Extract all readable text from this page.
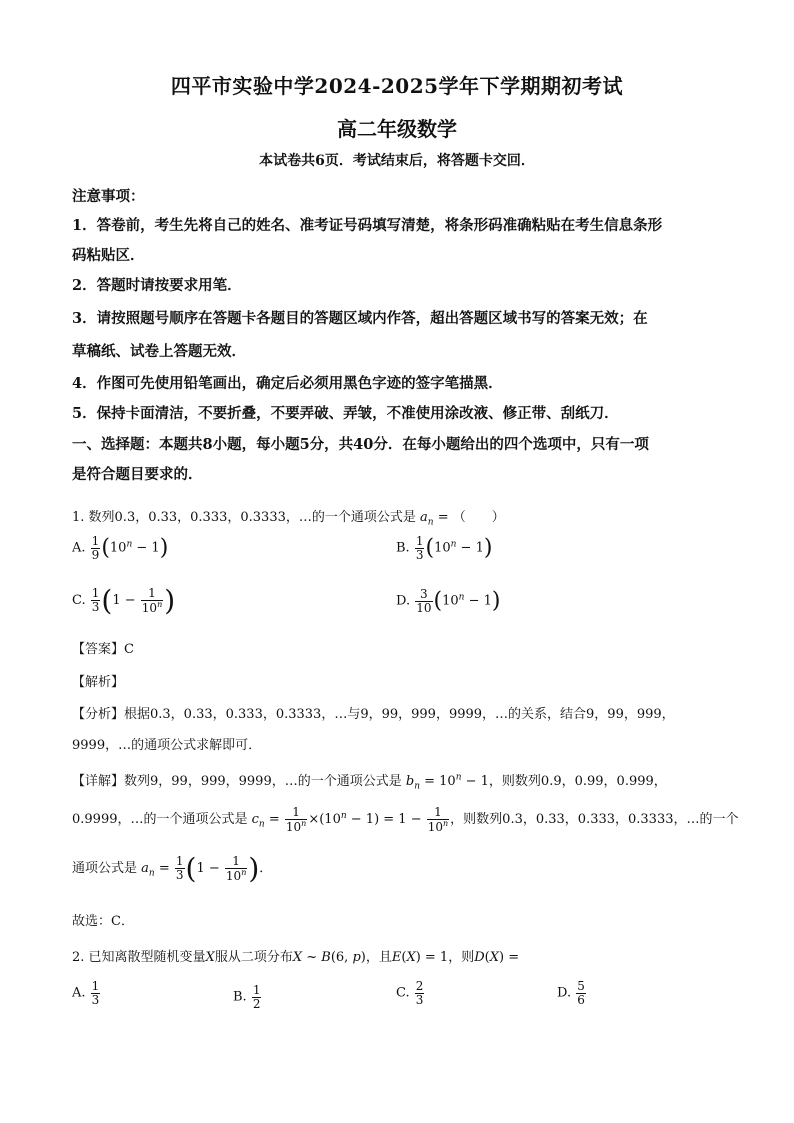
四平市实验中学2024-2025学年下学期期初考试
高二年级数学
本试卷共6页．考试结束后，将答题卡交回．
注意事项：
1．答卷前，考生先将自己的姓名、准考证号码填写清楚，将条形码准确粘贴在考生信息条形
码粘贴区．
2．答题时请按要求用笔．
3．请按照题号顺序在答题卡各题目的答题区域内作答，超出答题区域书写的答案无效；在
草稿纸、试卷上答题无效．
4．作图可先使用铅笔画出，确定后必须用黑色字迹的签字笔描黑．
5．保持卡面清洁，不要折叠，不要弄破、弄皱，不准使用涂改液、修正带、刮纸刀．
一、选择题：本题共8小题，每小题5分，共40分．在每小题给出的四个选项中，只有一项
是符合题目要求的．
1. 数列0.3，0.33，0.333，0.3333，…的一个通项公式是 $a_n$ = （　　）
A. $\frac{1}{9} (10^n - 1)$	B. $\frac{1}{3} (10^n - 1)$
C. $\frac{1}{3} (1 - \frac{1}{10^n}$ )	D. $\frac{3}{10} (10^n - 1)$
【答案】C
【解析】
【分析】根据0.3，0.33，0.333，0.3333，…与9，99，999，9999，…的关系，结合9，99，999，
9999，…的通项公式求解即可．
【详解】数列9，99，999，9999，…的一个通项公式是 $b_n = 10^n - 1$，则数列0.9，0.99，0.999，
0.9999，…的一个通项公式是 $c_n = \frac{1}{10^n} \times(10^n - 1) = 1 - \frac{1}{10^n}$ ，则数列0.3，0.33，0.333，0.3333，…的一个
通项公式是 $a_n = \frac{1}{3} (1 - \frac{1}{10^n}$ )．
故选：C．
2. 已知离散型随机变量X服从二项分布X ~ B(6, p)，且E(X) = 1，则D(X) =
A. $\frac{1}{3}$	B. $\frac{1}{2}$	C. $\frac{2}{3}$	D. $\frac{5}{6}$
